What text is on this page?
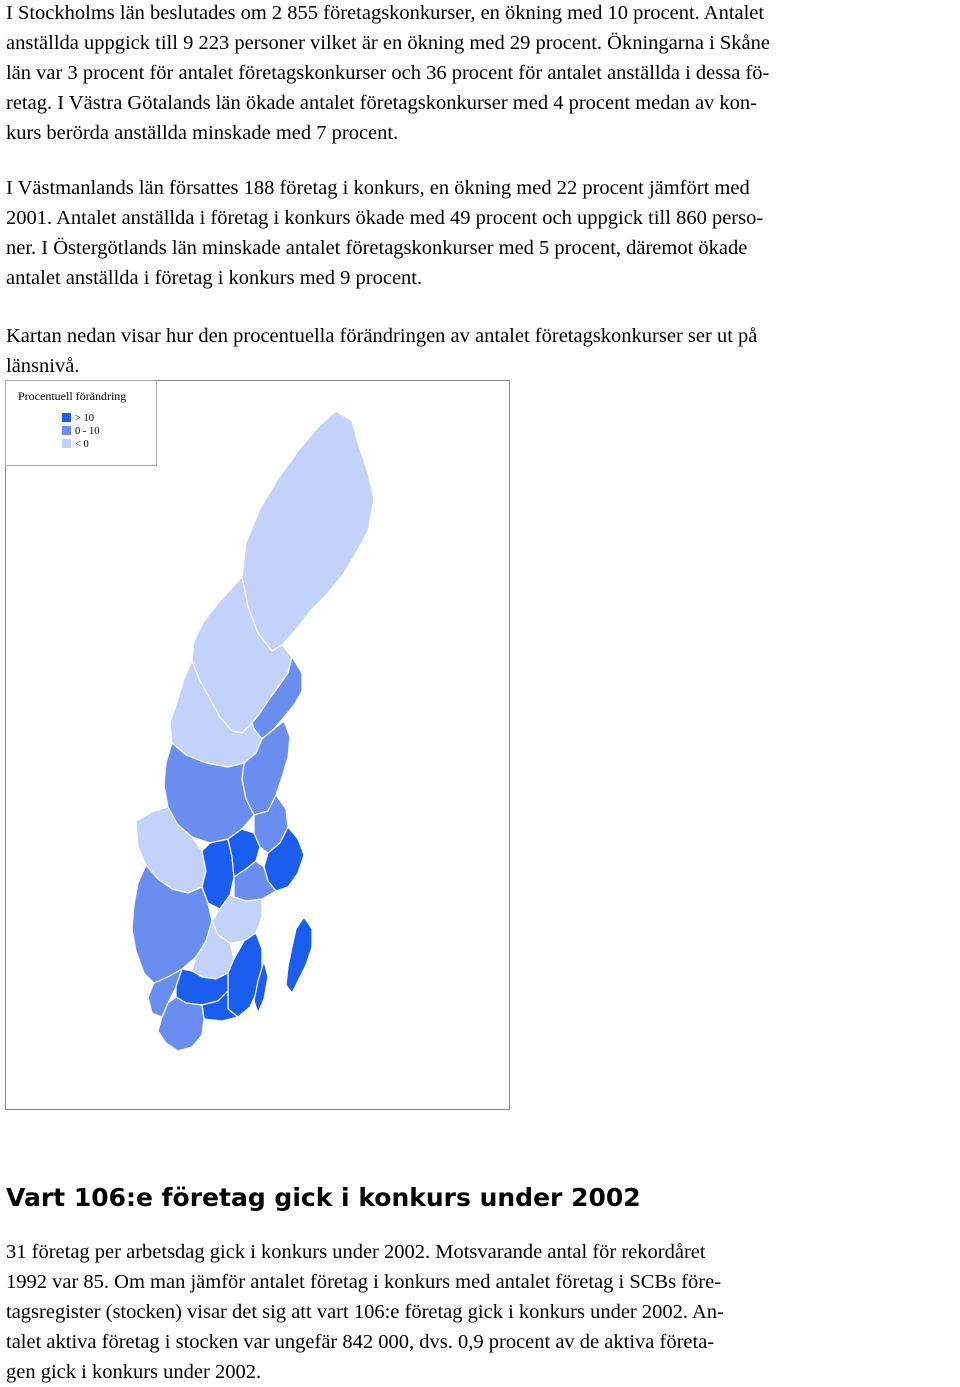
I Stockholms län beslutades om 2 855 företagskonkurser, en ökning med 10 procent. Antalet
anställda uppgick till 9 223 personer vilket är en ökning med 29 procent. Ökningarna i Skåne
län var 3 procent för antalet företagskonkurser och 36 procent för antalet anställda i dessa fö-
retag. I Västra Götalands län ökade antalet företagskonkurser med 4 procent medan av kon-
kurs berörda anställda minskade med 7 procent.
I Västmanlands län försattes 188 företag i konkurs, en ökning med 22 procent jämfört med
2001. Antalet anställda i företag i konkurs ökade med 49 procent och uppgick till 860 perso-
ner. I Östergötlands län minskade antalet företagskonkurser med 5 procent, däremot ökade
antalet anställda i företag i konkurs med 9 procent.
Kartan nedan visar hur den procentuella förändringen av antalet företagskonkurser ser ut på
länsnivå.
Procentuell förändring
> 10
0 - 10
< 0
Vart 106:e företag gick i konkurs under 2002
31 företag per arbetsdag gick i konkurs under 2002. Motsvarande antal för rekordåret
1992 var 85. Om man jämför antalet företag i konkurs med antalet företag i SCBs före-
tagsregister (stocken) visar det sig att vart 106:e företag gick i konkurs under 2002. An-
talet aktiva företag i stocken var ungefär 842 000, dvs. 0,9 procent av de aktiva företa-
gen gick i konkurs under 2002.
